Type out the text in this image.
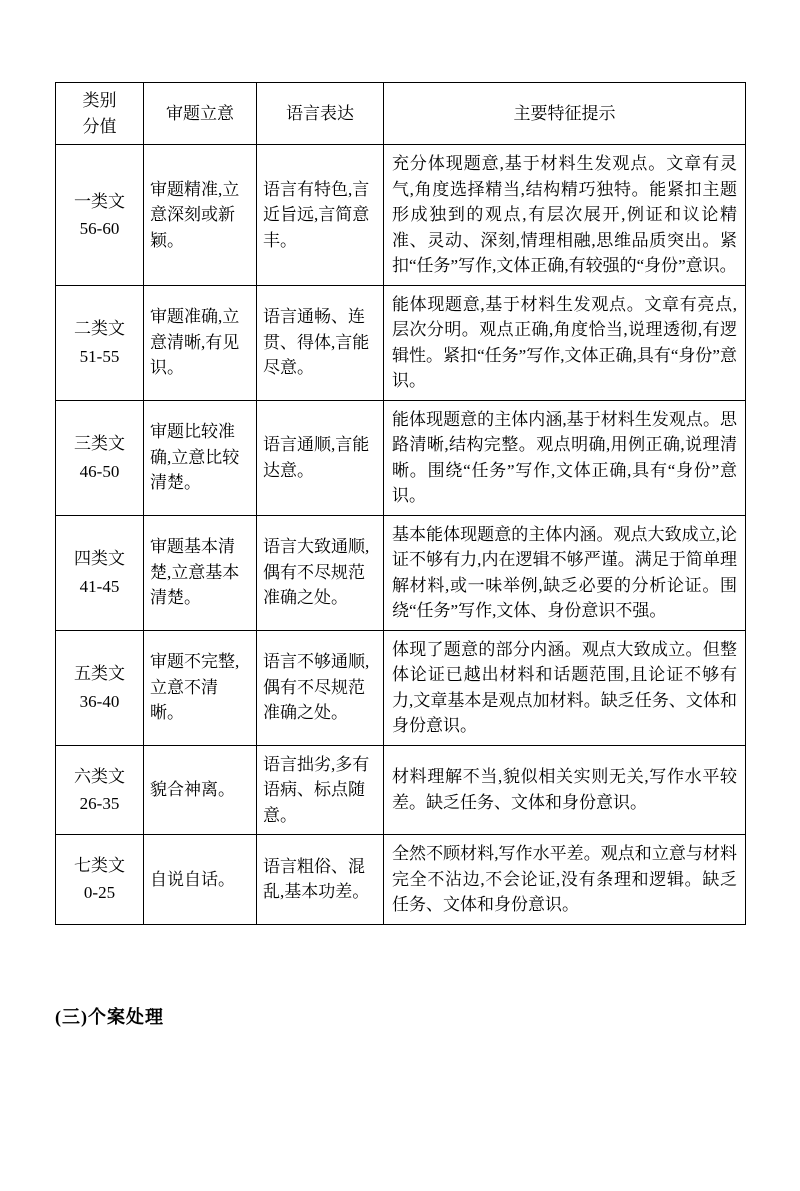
类别
分值	审题立意	语言表达	主要特征提示

一类文
56-60	审题精准,立意深刻或新颖。	语言有特色,言近旨远,言简意丰。	充分体现题意,基于材料生发观点。文章有灵气,角度选择精当,结构精巧独特。能紧扣主题形成独到的观点,有层次展开,例证和议论精准、灵动、深刻,情理相融,思维品质突出。紧扣“任务”写作,文体正确,有较强的“身份”意识。

二类文
51-55	审题准确,立意清晰,有见识。	语言通畅、连贯、得体,言能尽意。	能体现题意,基于材料生发观点。文章有亮点,层次分明。观点正确,角度恰当,说理透彻,有逻辑性。紧扣“任务”写作,文体正确,具有“身份”意识。

三类文
46-50	审题比较准确,立意比较清楚。	语言通顺,言能达意。	能体现题意的主体内涵,基于材料生发观点。思路清晰,结构完整。观点明确,用例正确,说理清晰。围绕“任务”写作,文体正确,具有“身份”意识。

四类文
41-45	审题基本清楚,立意基本清楚。	语言大致通顺,偶有不尽规范准确之处。	基本能体现题意的主体内涵。观点大致成立,论证不够有力,内在逻辑不够严谨。满足于简单理解材料,或一味举例,缺乏必要的分析论证。围绕“任务”写作,文体、身份意识不强。

五类文
36-40	审题不完整,立意不清晰。	语言不够通顺,偶有不尽规范准确之处。	体现了题意的部分内涵。观点大致成立。但整体论证已越出材料和话题范围,且论证不够有力,文章基本是观点加材料。缺乏任务、文体和身份意识。

六类文
26-35	貌合神离。	语言拙劣,多有语病、标点随意。	材料理解不当,貌似相关实则无关,写作水平较差。缺乏任务、文体和身份意识。

七类文
0-25	自说自话。	语言粗俗、混乱,基本功差。	全然不顾材料,写作水平差。观点和立意与材料完全不沾边,不会论证,没有条理和逻辑。缺乏任务、文体和身份意识。
(三)个案处理
